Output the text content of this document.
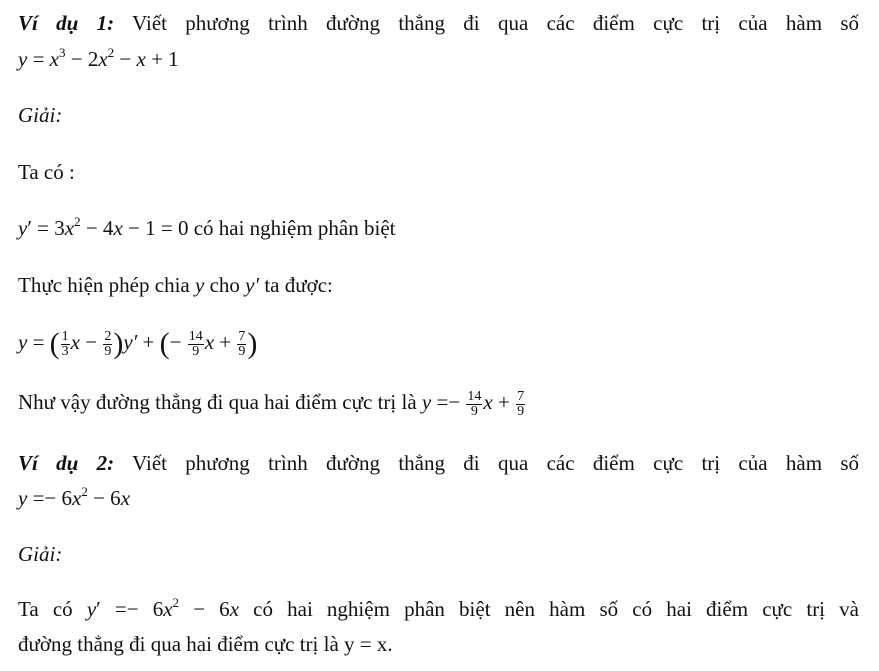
Ví dụ 1: Viết phương trình đường thẳng đi qua các điểm cực trị của hàm số
$y = x^3 - 2x^2 - x + 1$
Giải:
Ta có :
$y' = 3x^2 - 4x - 1 = 0$ có hai nghiệm phân biệt
Thực hiện phép chia y cho y′ ta được:
y = ( $\frac{1}{3}$ $x - \frac{2}{9} )y'$ + (− $\frac{14}{9}$ $x + \frac{7}{9}$ )
Như vậy đường thẳng đi qua hai điểm cực trị là $y =- \frac{14}{9}$ $x + \frac{7}{9}$
Ví dụ 2: Viết phương trình đường thẳng đi qua các điểm cực trị của hàm số
$y =- 6x^2 - 6x$
Giải:
Ta có $y' =- 6x^2 - 6x$ có hai nghiệm phân biệt nên hàm số có hai điểm cực trị và
đường thẳng đi qua hai điểm cực trị là y = x.
